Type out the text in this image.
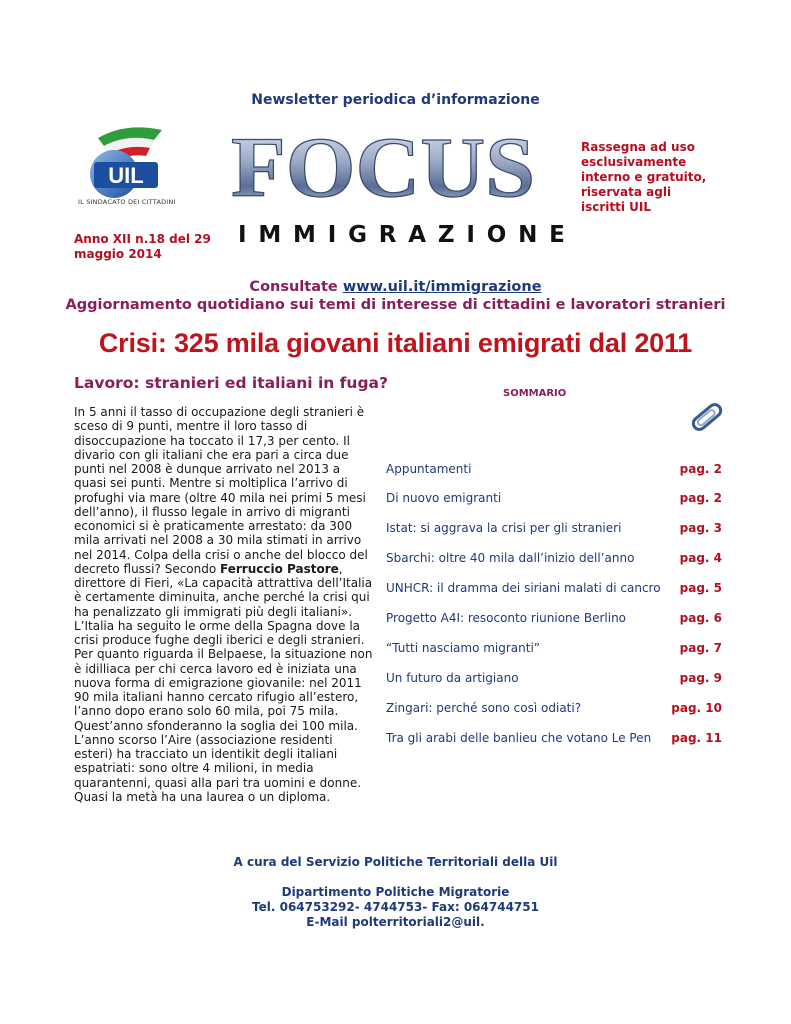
Newsletter periodica d’informazione
UIL
IL SINDACATO DEI CITTADINI FOCUS
IMMIGRAZIONE
Rassegna ad uso
esclusivamente
interno e gratuito,
riservata agli
iscritti UIL
Anno XII n.18 del 29
maggio 2014
Consultate www.uil.it/immigrazione
Aggiornamento quotidiano sui temi di interesse di cittadini e lavoratori stranieri
Crisi: 325 mila giovani italiani emigrati dal 2011
Lavoro: stranieri ed italiani in fuga?
In 5 anni il tasso di occupazione degli stranieri è sceso di 9 punti, mentre il loro tasso di disoccupazione ha toccato il 17,3 per cento. Il divario con gli italiani che era pari a circa due punti nel 2008 è dunque arrivato nel 2013 a quasi sei punti. Mentre si moltiplica l’arrivo di profughi via mare (oltre 40 mila nei primi 5 mesi dell’anno), il flusso legale in arrivo di migranti economici si è praticamente arrestato: da 300 mila arrivati nel 2008 a 30 mila stimati in arrivo nel 2014. Colpa della crisi o anche del blocco del decreto flussi? Secondo Ferruccio Pastore, direttore di Fieri, «La capacità attrattiva dell’Italia è certamente diminuita, anche perché la crisi qui ha penalizzato gli immigrati più degli italiani». L’Italia ha seguito le orme della Spagna dove la crisi produce fughe degli iberici e degli stranieri. Per quanto riguarda il Belpaese, la situazione non è idilliaca per chi cerca lavoro ed è iniziata una nuova forma di emigrazione giovanile: nel 2011 90 mila italiani hanno cercato rifugio all’estero, l’anno dopo erano solo 60 mila, poi 75 mila. Quest’anno sfonderanno la soglia dei 100 mila. L’anno scorso l’Aire (associazione residenti esteri) ha tracciato un identikit degli italiani espatriati: sono oltre 4 milioni, in media quarantenni, quasi alla pari tra uomini e donne. Quasi la metà ha una laurea o un diploma.
SOMMARIO
Appuntamenti	pag. 2
Di nuovo emigranti	pag. 2
Istat: si aggrava la crisi per gli stranieri	pag. 3
Sbarchi: oltre 40 mila dall’inizio dell’anno	pag. 4
UNHCR: il dramma dei siriani malati di cancro pag. 5
Progetto A4I: resoconto riunione Berlino	pag. 6
“Tutti nasciamo migranti”	pag. 7
Un futuro da artigiano	pag. 9
Zingari: perché sono così odiati?	pag. 10
Tra gli arabi delle banlieu che votano Le Pen pag. 11
A cura del Servizio Politiche Territoriali della Uil
Dipartimento Politiche Migratorie
Tel. 064753292- 4744753- Fax: 064744751
E-Mail polterritoriali2@uil.
